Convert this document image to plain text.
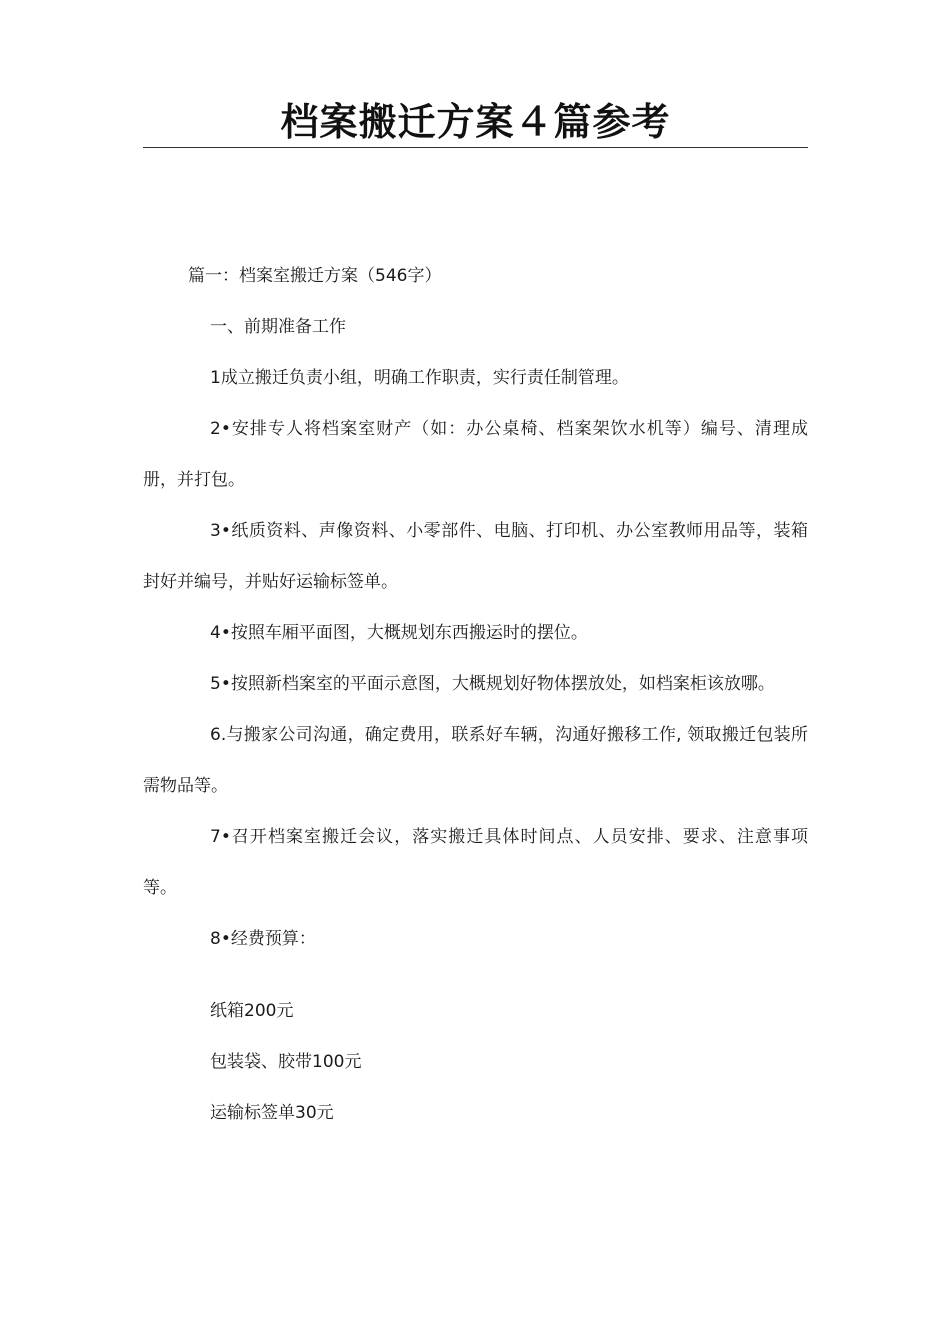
档案搬迁方案４篇参考

篇一：档案室搬迁方案（546字）

一、前期准备工作

1成立搬迁负责小组，明确工作职责，实行责任制管理。

2•安排专人将档案室财产（如：办公桌椅、档案架饮水机等）编号、清理成册，并打包。

3•纸质资料、声像资料、小零部件、电脑、打印机、办公室教师用品等，装箱封好并编号，并贴好运输标签单。

4•按照车厢平面图，大概规划东西搬运时的摆位。

5•按照新档案室的平面示意图，大概规划好物体摆放处，如档案柜该放哪。

6.与搬家公司沟通，确定费用，联系好车辆，沟通好搬移工作, 领取搬迁包装所需物品等。

7•召开档案室搬迁会议，落实搬迁具体时间点、人员安排、要求、注意事项等。

8•经费预算：

纸箱200元

包装袋、胶带100元

运输标签单30元
